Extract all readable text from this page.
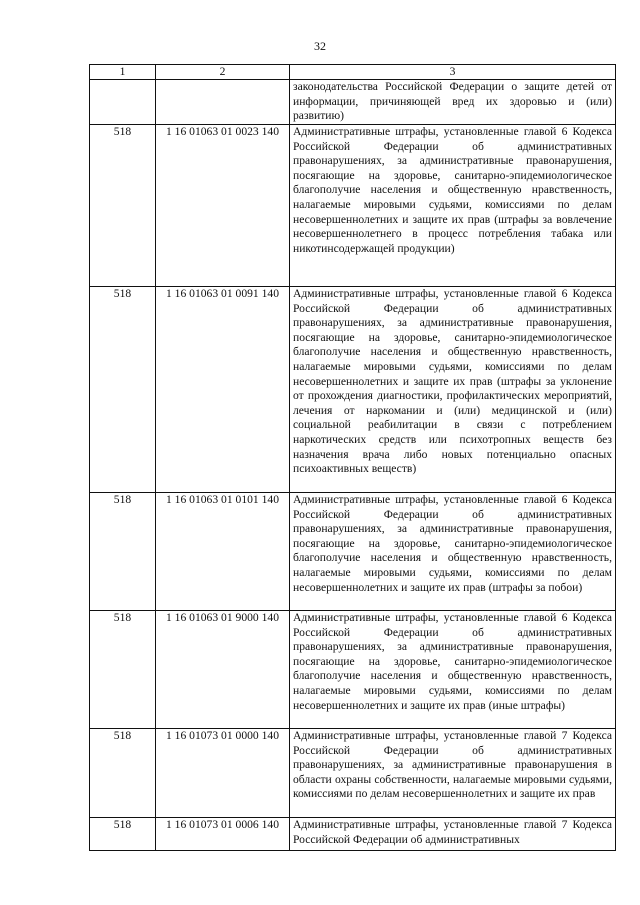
32
1	2	3
		законодательства Российской Федерации о защите детей от информации, причиняющей вред их здоровью и (или) развитию)
518	1 16 01063 01 0023 140	Административные штрафы, установленные главой 6 Кодекса Российской Федерации об административных правонарушениях, за административные правонарушения, посягающие на здоровье, санитарно-эпидемиологическое благополучие населения и общественную нравственность, налагаемые мировыми судьями, комиссиями по делам несовершеннолетних и защите их прав (штрафы за вовлечение несовершеннолетнего в процесс потребления табака или никотинсодержащей продукции)
518	1 16 01063 01 0091 140	Административные штрафы, установленные главой 6 Кодекса Российской Федерации об административных правонарушениях, за административные правонарушения, посягающие на здоровье, санитарно-эпидемиологическое благополучие населения и общественную нравственность, налагаемые мировыми судьями, комиссиями по делам несовершеннолетних и защите их прав (штрафы за уклонение от прохождения диагностики, профилактических мероприятий, лечения от наркомании и (или) медицинской и (или) социальной реабилитации в связи с потреблением наркотических средств или психотропных веществ без назначения врача либо новых потенциально опасных психоактивных веществ)
518	1 16 01063 01 0101 140	Административные штрафы, установленные главой 6 Кодекса Российской Федерации об административных правонарушениях, за административные правонарушения, посягающие на здоровье, санитарно-эпидемиологическое благополучие населения и общественную нравственность, налагаемые мировыми судьями, комиссиями по делам несовершеннолетних и защите их прав (штрафы за побои)
518	1 16 01063 01 9000 140	Административные штрафы, установленные главой 6 Кодекса Российской Федерации об административных правонарушениях, за административные правонарушения, посягающие на здоровье, санитарно-эпидемиологическое благополучие населения и общественную нравственность, налагаемые мировыми судьями, комиссиями по делам несовершеннолетних и защите их прав (иные штрафы)
518	1 16 01073 01 0000 140	Административные штрафы, установленные главой 7 Кодекса Российской Федерации об административных правонарушениях, за административные правонарушения в области охраны собственности, налагаемые мировыми судьями, комиссиями по делам несовершеннолетних и защите их прав
518	1 16 01073 01 0006 140	Административные штрафы, установленные главой 7 Кодекса Российской Федерации об административных
